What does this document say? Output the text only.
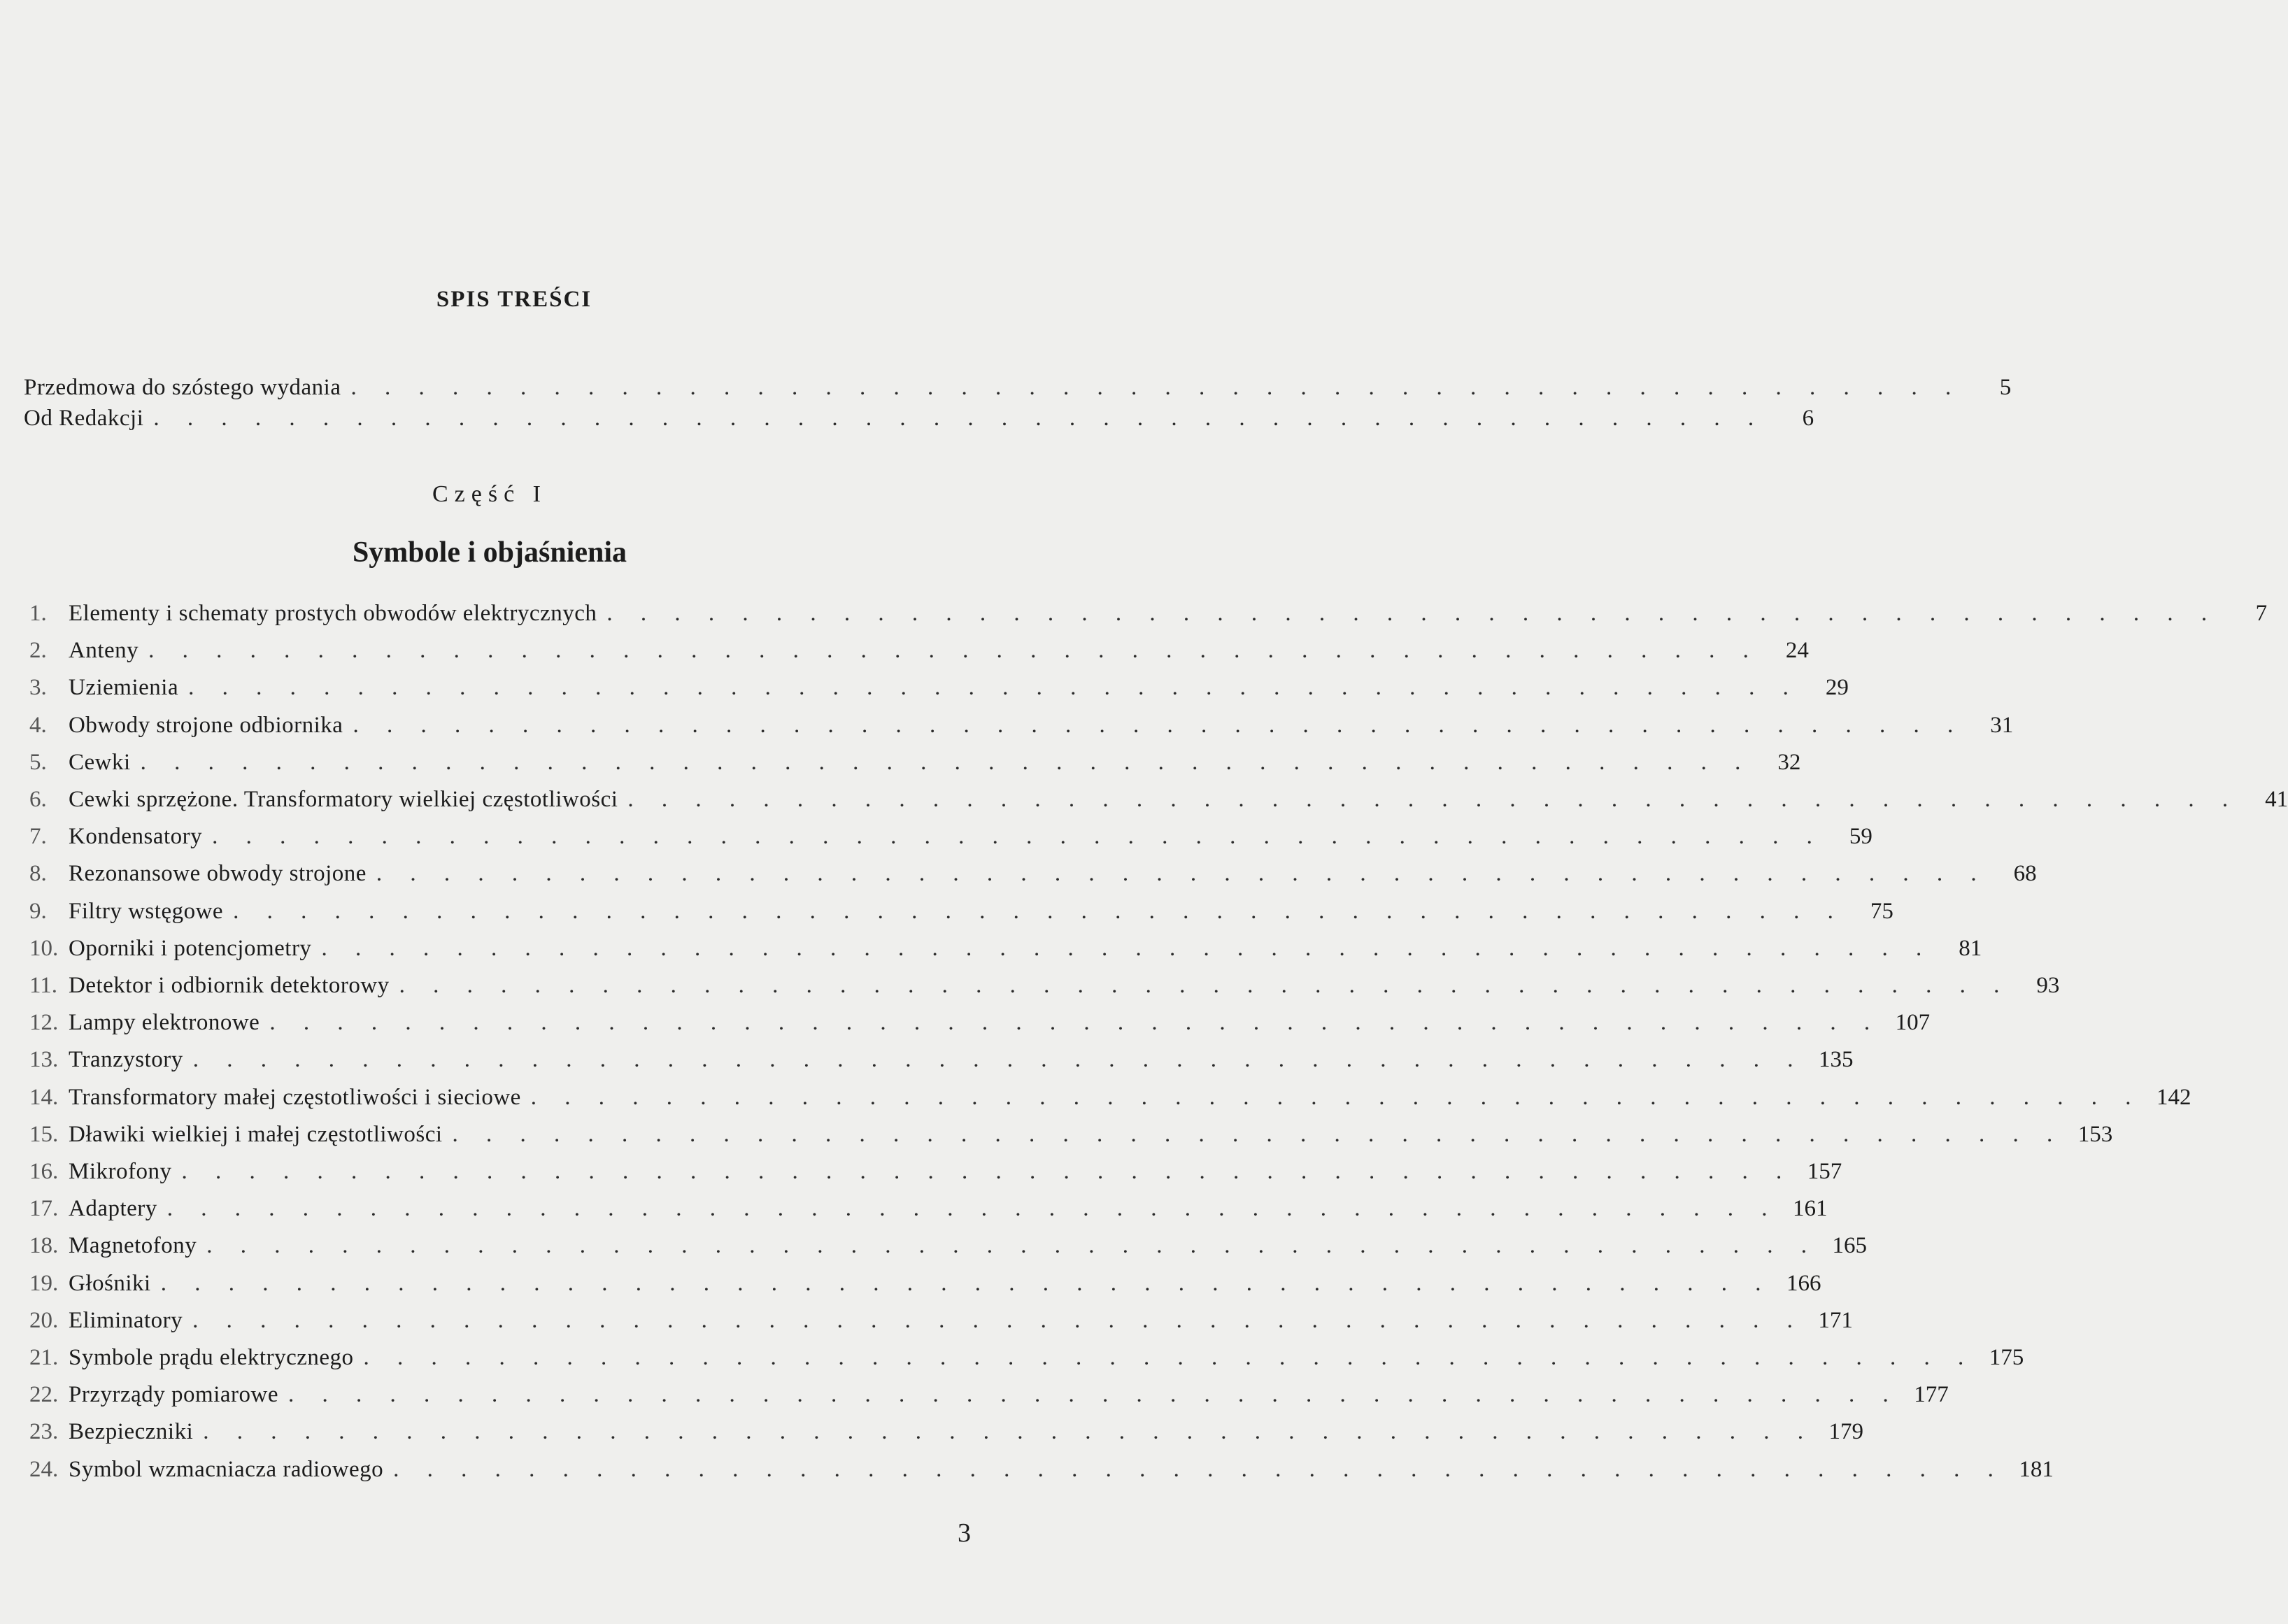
SPIS TREŚCI
Przedmowa do szóstego wydania . . . . . . . . . . . . . . . . . . . . . . . . . . . . . . . . . . . . . . . . . . . . . . . .	5
Od Redakcji . . . . . . . . . . . . . . . . . . . . . . . . . . . . . . . . . . . . . . . . . . . . . . . .	6
Część I
Symbole i objaśnienia
1. Elementy i schematy prostych obwodów elektrycznych . . . . . . . . . . . . . . . . . . . . . . . . . . . . . . . . . . . . . . . . . . . . . . . .	7
2. Anteny . . . . . . . . . . . . . . . . . . . . . . . . . . . . . . . . . . . . . . . . . . . . . . . .	24
3. Uziemienia . . . . . . . . . . . . . . . . . . . . . . . . . . . . . . . . . . . . . . . . . . . . . . . .	29
4. Obwody strojone odbiornika . . . . . . . . . . . . . . . . . . . . . . . . . . . . . . . . . . . . . . . . . . . . . . . .	31
5. Cewki . . . . . . . . . . . . . . . . . . . . . . . . . . . . . . . . . . . . . . . . . . . . . . . .	32
6. Cewki sprzężone. Transformatory wielkiej częstotliwości . . . . . . . . . . . . . . . . . . . . . . . . . . . . . . . . . . . . . . . . . . . . . . . .	41
7. Kondensatory . . . . . . . . . . . . . . . . . . . . . . . . . . . . . . . . . . . . . . . . . . . . . . . .	59
8. Rezonansowe obwody strojone . . . . . . . . . . . . . . . . . . . . . . . . . . . . . . . . . . . . . . . . . . . . . . . .	68
9. Filtry wstęgowe . . . . . . . . . . . . . . . . . . . . . . . . . . . . . . . . . . . . . . . . . . . . . . . .	75
10. Oporniki i potencjometry . . . . . . . . . . . . . . . . . . . . . . . . . . . . . . . . . . . . . . . . . . . . . . . .	81
11. Detektor i odbiornik detektorowy . . . . . . . . . . . . . . . . . . . . . . . . . . . . . . . . . . . . . . . . . . . . . . . .	93
12. Lampy elektronowe . . . . . . . . . . . . . . . . . . . . . . . . . . . . . . . . . . . . . . . . . . . . . . . . 107
13. Tranzystory . . . . . . . . . . . . . . . . . . . . . . . . . . . . . . . . . . . . . . . . . . . . . . . . 135
14. Transformatory małej częstotliwości i sieciowe . . . . . . . . . . . . . . . . . . . . . . . . . . . . . . . . . . . . . . . . . . . . . . . . 142
15. Dławiki wielkiej i małej częstotliwości . . . . . . . . . . . . . . . . . . . . . . . . . . . . . . . . . . . . . . . . . . . . . . . . 153
16. Mikrofony . . . . . . . . . . . . . . . . . . . . . . . . . . . . . . . . . . . . . . . . . . . . . . . . 157
17. Adaptery . . . . . . . . . . . . . . . . . . . . . . . . . . . . . . . . . . . . . . . . . . . . . . . . 161
18. Magnetofony . . . . . . . . . . . . . . . . . . . . . . . . . . . . . . . . . . . . . . . . . . . . . . . . 165
19. Głośniki . . . . . . . . . . . . . . . . . . . . . . . . . . . . . . . . . . . . . . . . . . . . . . . . 166
20. Eliminatory . . . . . . . . . . . . . . . . . . . . . . . . . . . . . . . . . . . . . . . . . . . . . . . . 171
21. Symbole prądu elektrycznego . . . . . . . . . . . . . . . . . . . . . . . . . . . . . . . . . . . . . . . . . . . . . . . . 175
22. Przyrządy pomiarowe . . . . . . . . . . . . . . . . . . . . . . . . . . . . . . . . . . . . . . . . . . . . . . . . 177
23. Bezpieczniki . . . . . . . . . . . . . . . . . . . . . . . . . . . . . . . . . . . . . . . . . . . . . . . . 179
24. Symbol wzmacniacza radiowego . . . . . . . . . . . . . . . . . . . . . . . . . . . . . . . . . . . . . . . . . . . . . . . . 181
3
